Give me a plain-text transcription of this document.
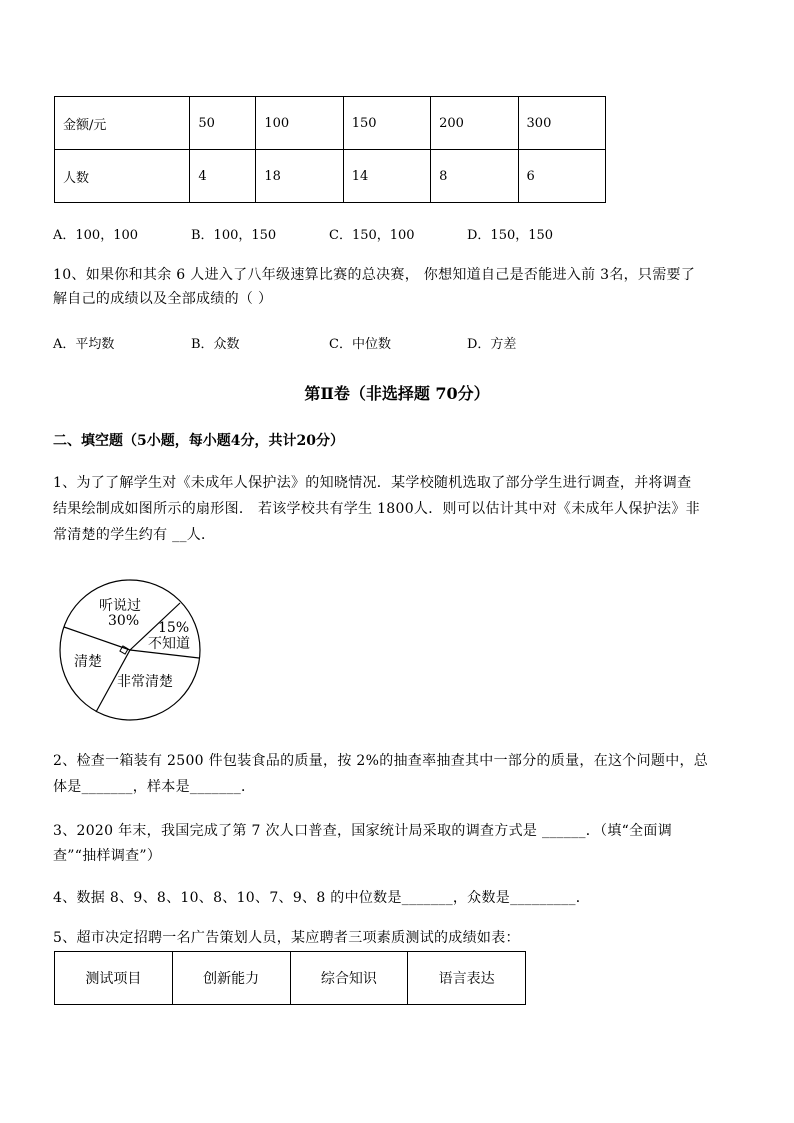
金额/元	50	100	150	200	300
人数	4	18	14	8	6
A．100，100	B．100，150	C．150，100	D．150，150
10、如果你和其余 6 人进入了八年级速算比赛的总决赛， 你想知道自己是否能进入前 3名，只需要了
解自己的成绩以及全部成绩的（ ）
A．平均数	B．众数	C．中位数	D．方差
第Ⅱ卷（非选择题 70分）
二、填空题（5小题，每小题4分，共计20分）
1、为了了解学生对《未成年人保护法》的知晓情况．某学校随机选取了部分学生进行调查，并将调查
结果绘制成如图所示的扇形图． 若该学校共有学生 1800人．则可以估计其中对《未成年人保护法》非
常清楚的学生约有 __人．
听说过
30% 15%
不知道
清楚
非常清楚
2、检查一箱装有 2500 件包装食品的质量，按 2%的抽查率抽查其中一部分的质量，在这个问题中，总
体是_______，样本是_______．
3、2020 年末，我国完成了第 7 次人口普查，国家统计局采取的调查方式是 ______．（填“全面调
查”“抽样调查”）
4、数据 8、9、8、10、8、10、7、9、8 的中位数是_______，众数是_________．
5、超市决定招聘一名广告策划人员，某应聘者三项素质测试的成绩如表：
测试项目	创新能力	综合知识	语言表达
